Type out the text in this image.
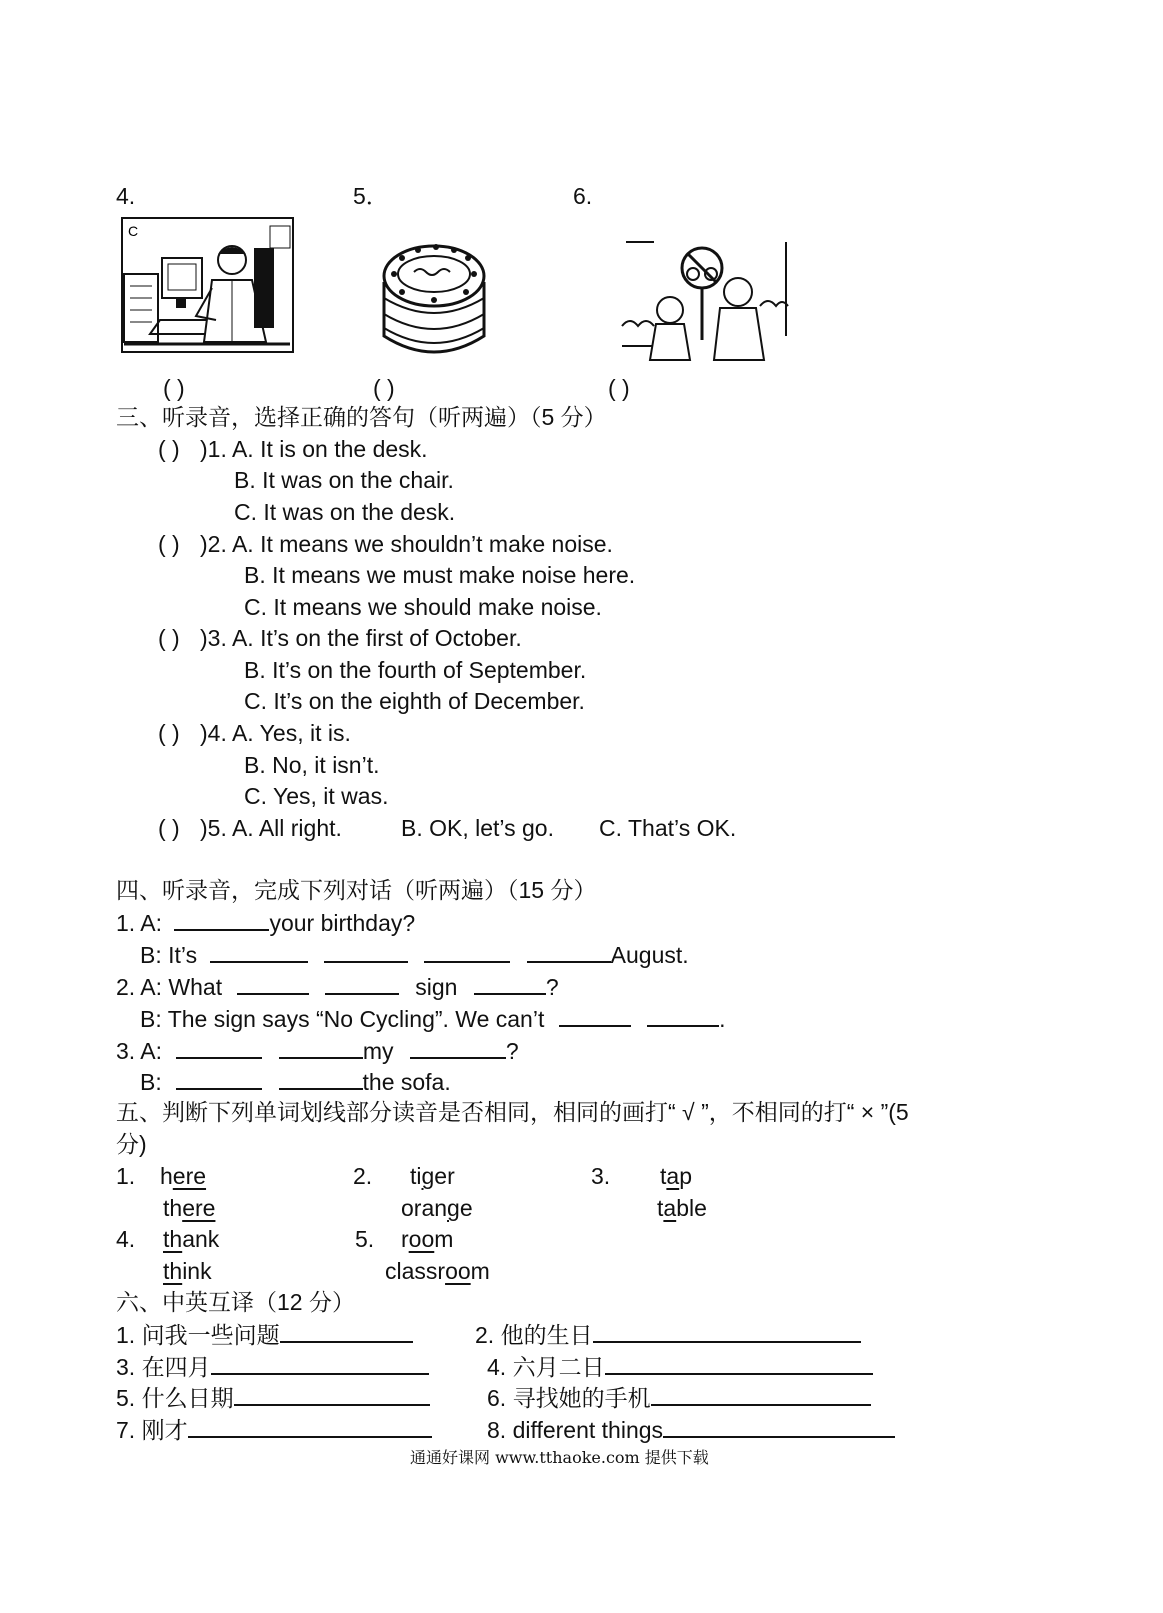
4.	5．	6.
C
( )	( )	( )
三、听录音，选择正确的答句（听两遍）（5 分）
( ) )1. A. It is on the desk.
B. It was on the chair.
C. It was on the desk.
( ) )2. A. It means we shouldn’t make noise.
B. It means we must make noise here.
C. It means we should make noise.
( ) )3. A. It’s on the first of October.
B. It’s on the fourth of September.
C. It’s on the eighth of December.
( ) )4. A. Yes, it is.
B. No, it isn’t.
C. Yes, it was.
( ) )5. A. All right.	B. OK, let’s go. C. That’s OK.
四、听录音，完成下列对话（听两遍）（15 分）
1. A:	your birthday?
B: It’s	August.
2. A: What	sign	?
B: The sign says “No Cycling”. We can’t	.
3. A:	my	?
B:	the sofa.
五、判断下列单词划线部分读音是否相同，相同的画打“ √ ”，不相同的打“ × ”(5
分)
1. here
there
2. tiger
orange
3. tap
table
4. thank
think
5. room
classroom
六、中英互译（12 分）
1. 问我一些问题	2. 他的生日
3. 在四月	4. 六月二日
5. 什么日期	6. 寻找她的手机
7. 刚才	8. different things
通通好课网 www.tthaoke.com 提供下载
